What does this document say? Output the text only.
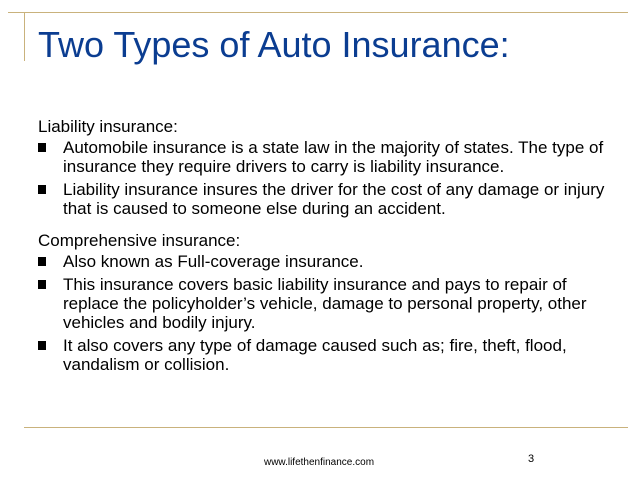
Two Types of Auto Insurance:

Liability insurance:

Automobile insurance is a state law in the majority of states. The type of insurance they require drivers to carry is liability insurance.
Liability insurance insures the driver for the cost of any damage or injury that is caused to someone else during an accident.

Comprehensive insurance:

Also known as Full-coverage insurance.
This insurance covers basic liability insurance and pays to repair of replace the policyholder’s vehicle, damage to personal property, other vehicles and bodily injury.
It also covers any type of damage caused such as; fire, theft, flood, vandalism or collision.
www.lifethenfinance.com	3
